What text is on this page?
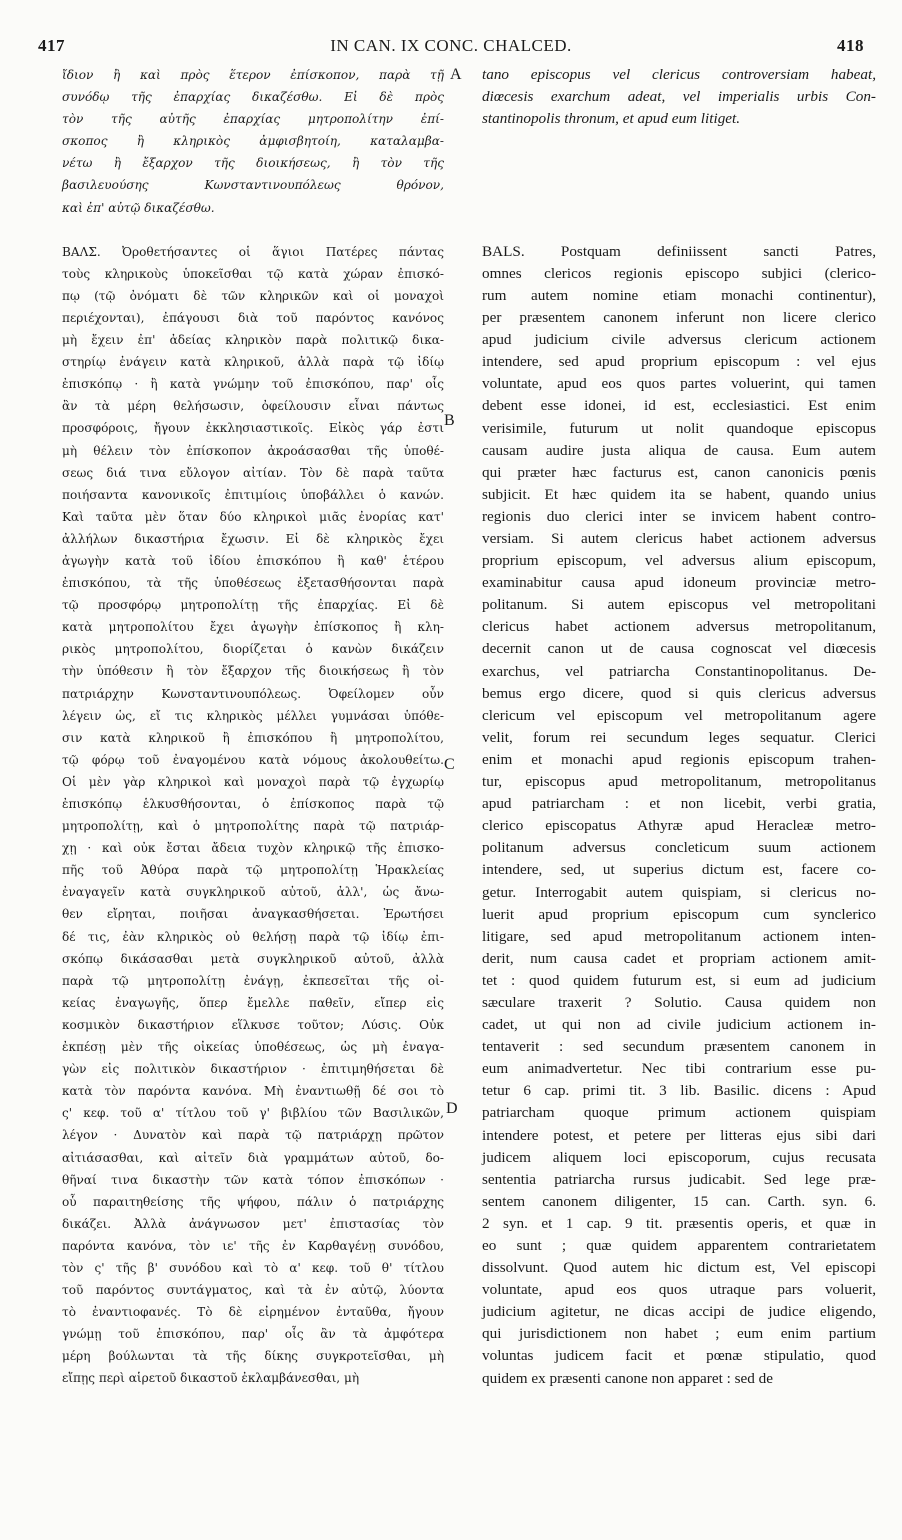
417	IN CAN. IX CONC. CHALCED.	418
A
B
C
D
ἴδιον ἢ καὶ πρὸς ἕτερον ἐπίσκοπον, παρὰ τῇ
συνόδῳ τῆς ἐπαρχίας δικαζέσθω. Εἰ δὲ πρὸς
τὸν τῆς αὐτῆς ἐπαρχίας μητροπολίτην ἐπί-
σκοπος ἢ κληρικὸς ἀμφισβητοίη, καταλαμβα-
νέτω ἢ ἔξαρχον τῆς διοικήσεως, ἢ τὸν τῆς
βασιλευούσης Κωνσταντινουπόλεως θρόνον,
καὶ ἐπ' αὐτῷ δικαζέσθω.
ΒΑΛΣ. Ὀροθετήσαντες οἱ ἅγιοι Πατέρες πάντας
τοὺς κληρικοὺς ὑποκεῖσθαι τῷ κατὰ χώραν ἐπισκό-
πῳ (τῷ ὀνόματι δὲ τῶν κληρικῶν καὶ οἱ μοναχοὶ
περιέχονται), ἐπάγουσι διὰ τοῦ παρόντος κανόνος
μὴ ἔχειν ἐπ' ἀδείας κληρικὸν παρὰ πολιτικῷ δικα-
στηρίῳ ἐνάγειν κατὰ κληρικοῦ, ἀλλὰ παρὰ τῷ ἰδίῳ
ἐπισκόπῳ · ἢ κατὰ γνώμην τοῦ ἐπισκόπου, παρ' οἷς
ἂν τὰ μέρη θελήσωσιν, ὀφείλουσιν εἶναι πάντως
προσφόροις, ἤγουν ἐκκλησιαστικοῖς. Εἰκὸς γάρ ἐστι
μὴ θέλειν τὸν ἐπίσκοπον ἀκροάσασθαι τῆς ὑποθέ-
σεως διά τινα εὔλογον αἰτίαν. Τὸν δὲ παρὰ ταῦτα
ποιήσαντα κανονικοῖς ἐπιτιμίοις ὑποβάλλει ὁ κανών.
Καὶ ταῦτα μὲν ὅταν δύο κληρικοὶ μιᾶς ἐνορίας κατ'
ἀλλήλων δικαστήρια ἔχωσιν. Εἰ δὲ κληρικὸς ἔχει
ἀγωγὴν κατὰ τοῦ ἰδίου ἐπισκόπου ἢ καθ' ἑτέρου
ἐπισκόπου, τὰ τῆς ὑποθέσεως ἐξετασθήσονται παρὰ
τῷ προσφόρῳ μητροπολίτῃ τῆς ἐπαρχίας. Εἰ δὲ
κατὰ μητροπολίτου ἔχει ἀγωγὴν ἐπίσκοπος ἢ κλη-
ρικὸς μητροπολίτου, διορίζεται ὁ κανὼν δικάζειν
τὴν ὑπόθεσιν ἢ τὸν ἔξαρχον τῆς διοικήσεως ἢ τὸν
πατριάρχην Κωνσταντινουπόλεως. Ὀφείλομεν οὖν
λέγειν ὡς, εἴ τις κληρικὸς μέλλει γυμνάσαι ὑπόθε-
σιν κατὰ κληρικοῦ ἢ ἐπισκόπου ἢ μητροπολίτου,
τῷ φόρῳ τοῦ ἐναγομένου κατὰ νόμους ἀκολουθείτω.
Οἱ μὲν γὰρ κληρικοὶ καὶ μοναχοὶ παρὰ τῷ ἐγχωρίῳ
ἐπισκόπῳ ἑλκυσθήσονται, ὁ ἐπίσκοπος παρὰ τῷ
μητροπολίτῃ, καὶ ὁ μητροπολίτης παρὰ τῷ πατριάρ-
χῃ · καὶ οὐκ ἔσται ἄδεια τυχὸν κληρικῷ τῆς ἐπισκο-
πῆς τοῦ Ἀθύρα παρὰ τῷ μητροπολίτῃ Ἡρακλείας
ἐναγαγεῖν κατὰ συγκληρικοῦ αὐτοῦ, ἀλλ', ὡς ἄνω-
θεν εἴρηται, ποιῆσαι ἀναγκασθήσεται. Ἐρωτήσει
δέ τις, ἐὰν κληρικὸς οὐ θελήσῃ παρὰ τῷ ἰδίῳ ἐπι-
σκόπῳ δικάσασθαι μετὰ συγκληρικοῦ αὐτοῦ, ἀλλὰ
παρὰ τῷ μητροπολίτῃ ἐνάγῃ, ἐκπεσεῖται τῆς οἰ-
κείας ἐναγωγῆς, ὅπερ ἔμελλε παθεῖν, εἴπερ εἰς
κοσμικὸν δικαστήριον εἵλκυσε τοῦτον; Λύσις. Οὐκ
ἐκπέσῃ μὲν τῆς οἰκείας ὑποθέσεως, ὡς μὴ ἐναγα-
γὼν εἰς πολιτικὸν δικαστήριον · ἐπιτιμηθήσεται δὲ
κατὰ τὸν παρόντα κανόνα. Μὴ ἐναντιωθῇ δέ σοι τὸ
ς' κεφ. τοῦ α' τίτλου τοῦ γ' βιβλίου τῶν Βασιλικῶν,
λέγον · Δυνατὸν καὶ παρὰ τῷ πατριάρχῃ πρῶτον
αἰτιάσασθαι, καὶ αἰτεῖν διὰ γραμμάτων αὐτοῦ, δο-
θῆναί τινα δικαστὴν τῶν κατὰ τόπον ἐπισκόπων ·
οὗ παραιτηθείσης τῆς ψήφου, πάλιν ὁ πατριάρχης
δικάζει. Ἀλλὰ ἀνάγνωσον μετ' ἐπιστασίας τὸν
παρόντα κανόνα, τὸν ιε' τῆς ἐν Καρθαγένῃ συνόδου,
τὸν ς' τῆς β' συνόδου καὶ τὸ α' κεφ. τοῦ θ' τίτλου
τοῦ παρόντος συντάγματος, καὶ τὰ ἐν αὐτῷ, λύοντα
τὸ ἐναντιοφανές. Τὸ δὲ εἰρημένον ἐνταῦθα, ἤγουν
γνώμῃ τοῦ ἐπισκόπου, παρ' οἷς ἂν τὰ ἀμφότερα
μέρη βούλωνται τὰ τῆς δίκης συγκροτεῖσθαι, μὴ
εἴπῃς περὶ αἱρετοῦ δικαστοῦ ἐκλαμβάνεσθαι, μὴ
tano episcopus vel clericus controversiam habeat,
diœcesis exarchum adeat, vel imperialis urbis Con-
stantinopolis thronum, et apud eum litiget.
BALS. Postquam definiissent sancti Patres,
omnes clericos regionis episcopo subjici (clerico-
rum autem nomine etiam monachi continentur),
per præsentem canonem inferunt non licere clerico
apud judicium civile adversus clericum actionem
intendere, sed apud proprium episcopum : vel ejus
voluntate, apud eos quos partes voluerint, qui tamen
debent esse idonei, id est, ecclesiastici. Est enim
verisimile, futurum ut nolit quandoque episcopus
causam audire justa aliqua de causa. Eum autem
qui præter hæc facturus est, canon canonicis pœnis
subjicit. Et hæc quidem ita se habent, quando unius
regionis duo clerici inter se invicem habent contro-
versiam. Si autem clericus habet actionem adversus
proprium episcopum, vel adversus alium episcopum,
examinabitur causa apud idoneum provinciæ metro-
politanum. Si autem episcopus vel metropolitani
clericus habet actionem adversus metropolitanum,
decernit canon ut de causa cognoscat vel diœcesis
exarchus, vel patriarcha Constantinopolitanus. De-
bemus ergo dicere, quod si quis clericus adversus
clericum vel episcopum vel metropolitanum agere
velit, forum rei secundum leges sequatur. Clerici
enim et monachi apud regionis episcopum trahen-
tur, episcopus apud metropolitanum, metropolitanus
apud patriarcham : et non licebit, verbi gratia,
clerico episcopatus Athyræ apud Heracleæ metro-
politanum adversus concleticum suum actionem
intendere, sed, ut superius dictum est, facere co-
getur. Interrogabit autem quispiam, si clericus no-
luerit apud proprium episcopum cum synclerico
litigare, sed apud metropolitanum actionem inten-
derit, num causa cadet et propriam actionem amit-
tet : quod quidem futurum est, si eum ad judicium
sæculare traxerit ? Solutio. Causa quidem non
cadet, ut qui non ad civile judicium actionem in-
tentaverit : sed secundum præsentem canonem in
eum animadvertetur. Nec tibi contrarium esse pu-
tetur 6 cap. primi tit. 3 lib. Basilic. dicens : Apud
patriarcham quoque primum actionem quispiam
intendere potest, et petere per litteras ejus sibi dari
judicem aliquem loci episcoporum, cujus recusata
sententia patriarcha rursus judicabit. Sed lege præ-
sentem canonem diligenter, 15 can. Carth. syn. 6.
2 syn. et 1 cap. 9 tit. præsentis operis, et quæ in
eo sunt ; quæ quidem apparentem contrarietatem
dissolvunt. Quod autem hic dictum est, Vel episcopi
voluntate, apud eos quos utraque pars voluerit,
judicium agitetur, ne dicas accipi de judice eligendo,
qui jurisdictionem non habet ; eum enim partium
voluntas judicem facit et pœnæ stipulatio, quod
quidem ex præsenti canone non apparet : sed de
